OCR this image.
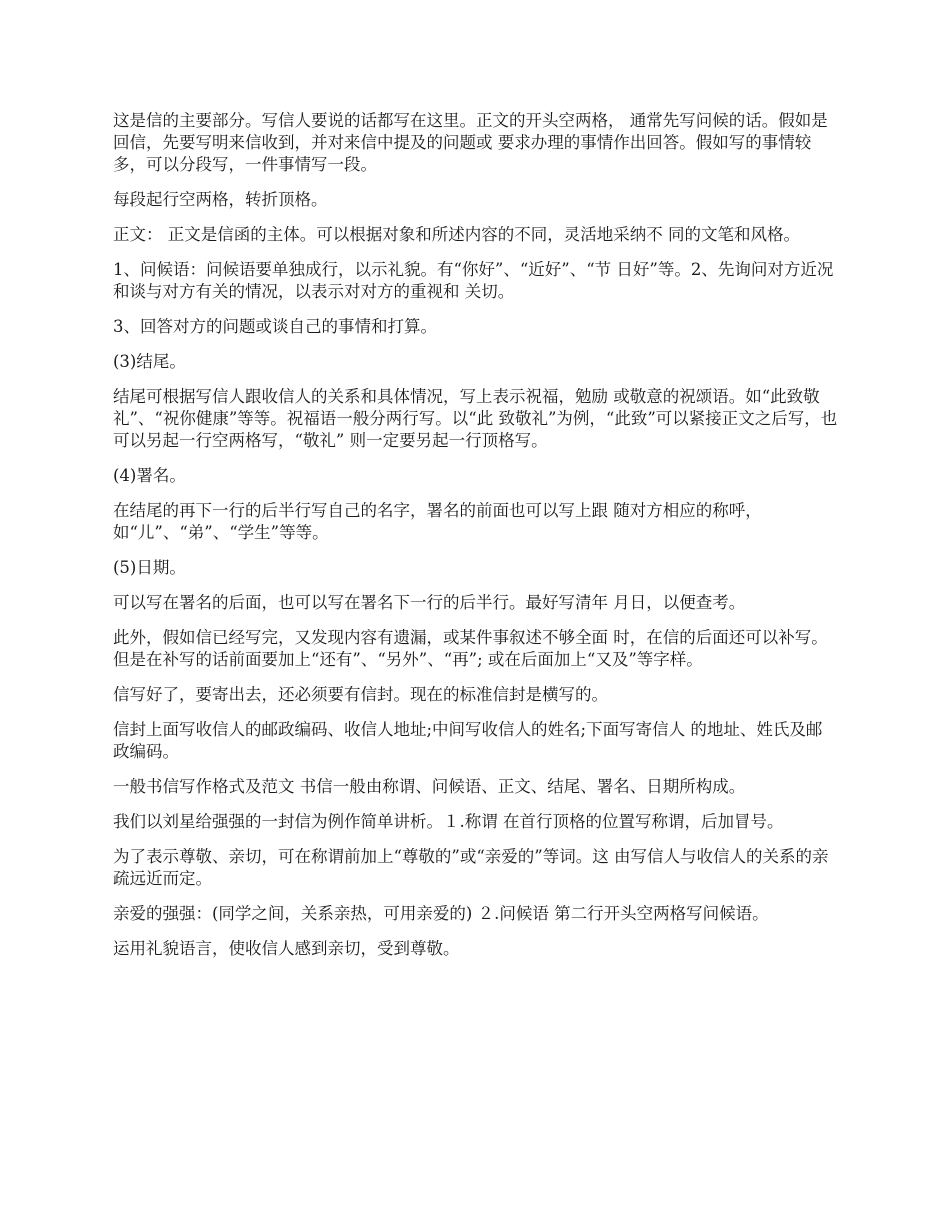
这是信的主要部分。写信人要说的话都写在这里。正文的开头空两格， 通常先写问候的话。假如是回信，先要写明来信收到，并对来信中提及的问题或 要求办理的事情作出回答。假如写的事情较多，可以分段写，一件事情写一段。

每段起行空两格，转折顶格。

正文： 正文是信函的主体。可以根据对象和所述内容的不同，灵活地采纳不 同的文笔和风格。

1、问候语：问候语要单独成行，以示礼貌。有“你好”、“近好”、“节 日好”等。2、先询问对方近况和谈与对方有关的情况，以表示对对方的重视和 关切。

3、回答对方的问题或谈自己的事情和打算。

(3)结尾。

结尾可根据写信人跟收信人的关系和具体情况，写上表示祝福，勉励 或敬意的祝颂语。如“此致敬礼”、“祝你健康”等等。祝福语一般分两行写。以“此 致敬礼”为例，“此致”可以紧接正文之后写，也可以另起一行空两格写，“敬礼” 则一定要另起一行顶格写。

(4)署名。

在结尾的再下一行的后半行写自己的名字，署名的前面也可以写上跟 随对方相应的称呼，如“儿”、“弟”、“学生”等等。

(5)日期。

可以写在署名的后面，也可以写在署名下一行的后半行。最好写清年 月日，以便查考。

此外，假如信已经写完，又发现内容有遗漏，或某件事叙述不够全面 时，在信的后面还可以补写。但是在补写的话前面要加上“还有”、“另外”、“再”; 或在后面加上“又及”等字样。

信写好了，要寄出去，还必须要有信封。现在的标准信封是横写的。

信封上面写收信人的邮政编码、收信人地址;中间写收信人的姓名;下面写寄信人 的地址、姓氏及邮政编码。

一般书信写作格式及范文 书信一般由称谓、问候语、正文、结尾、署名、日期所构成。

我们以刘星给强强的一封信为例作简单讲析。１.称谓 在首行顶格的位置写称谓，后加冒号。

为了表示尊敬、亲切，可在称谓前加上“尊敬的”或“亲爱的”等词。这 由写信人与收信人的关系的亲疏远近而定。

亲爱的强强：(同学之间，关系亲热，可用亲爱的) ２.问候语 第二行开头空两格写问候语。

运用礼貌语言，使收信人感到亲切，受到尊敬。
